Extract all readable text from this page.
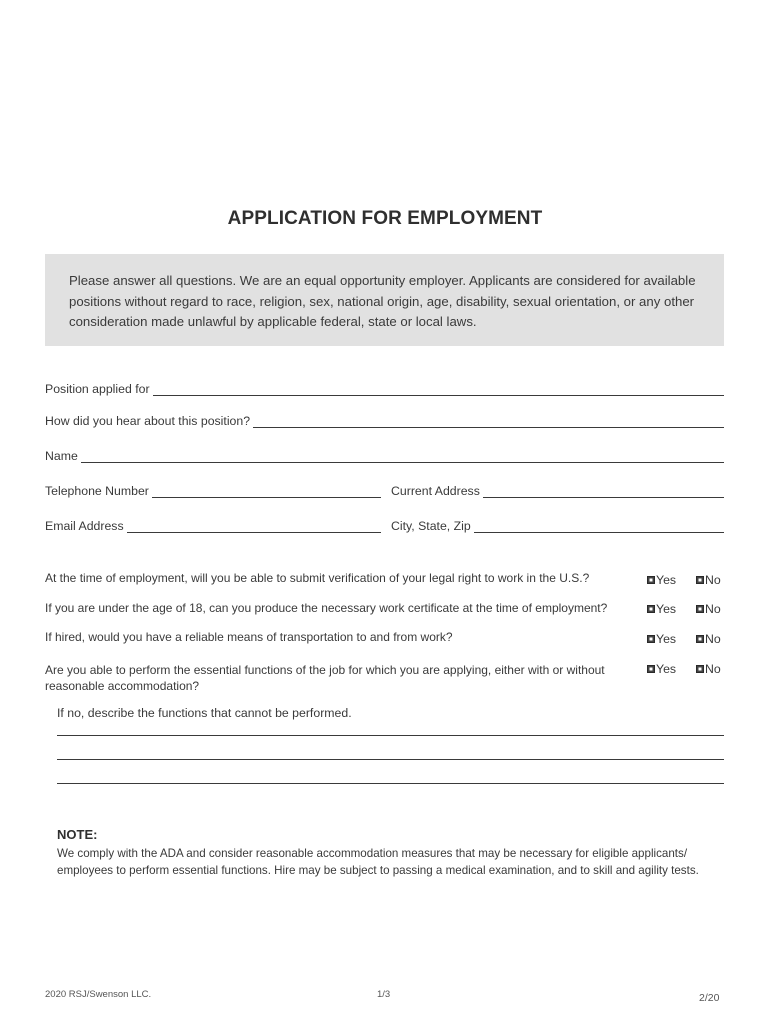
APPLICATION FOR EMPLOYMENT
Please answer all questions. We are an equal opportunity employer. Applicants are considered for available positions without regard to race, religion, sex, national origin, age, disability, sexual orientation, or any other consideration made unlawful by applicable federal, state or local laws.
Position applied for
How did you hear about this position?
Name
Telephone Number	Current Address
Email Address	City, State, Zip
At the time of employment, will you be able to submit verification of your legal right to work in the U.S.?	Yes No
If you are under the age of 18, can you produce the necessary work certificate at the time of employment?	Yes No
If hired, would you have a reliable means of transportation to and from work?	Yes No
Are you able to perform the essential functions of the job for which you are applying, either with or without reasonable accommodation?
Yes No
If no, describe the functions that cannot be performed.
NOTE:
We comply with the ADA and consider reasonable accommodation measures that may be necessary for eligible applicants/ employees to perform essential functions. Hire may be subject to passing a medical examination, and to skill and agility tests.
2020 RSJ/Swenson LLC.	1/3	2/20
